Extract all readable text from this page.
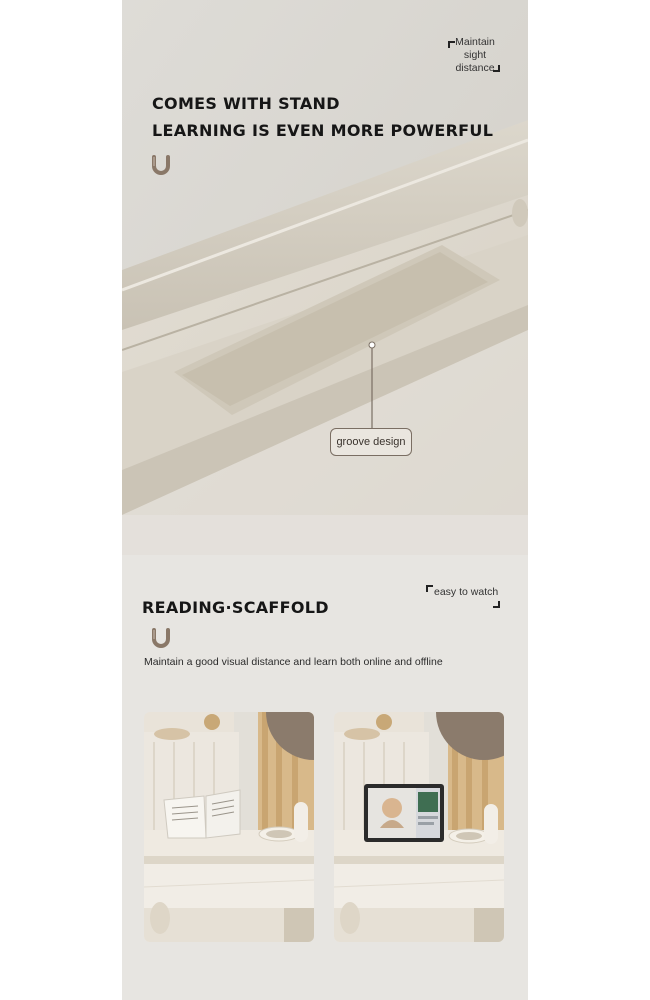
COMES WITH STAND
LEARNING IS EVEN MORE POWERFUL
Maintain
sight
distance
groove design
READING·SCAFFOLD
easy to watch
Maintain a good visual distance and learn both online and offline
